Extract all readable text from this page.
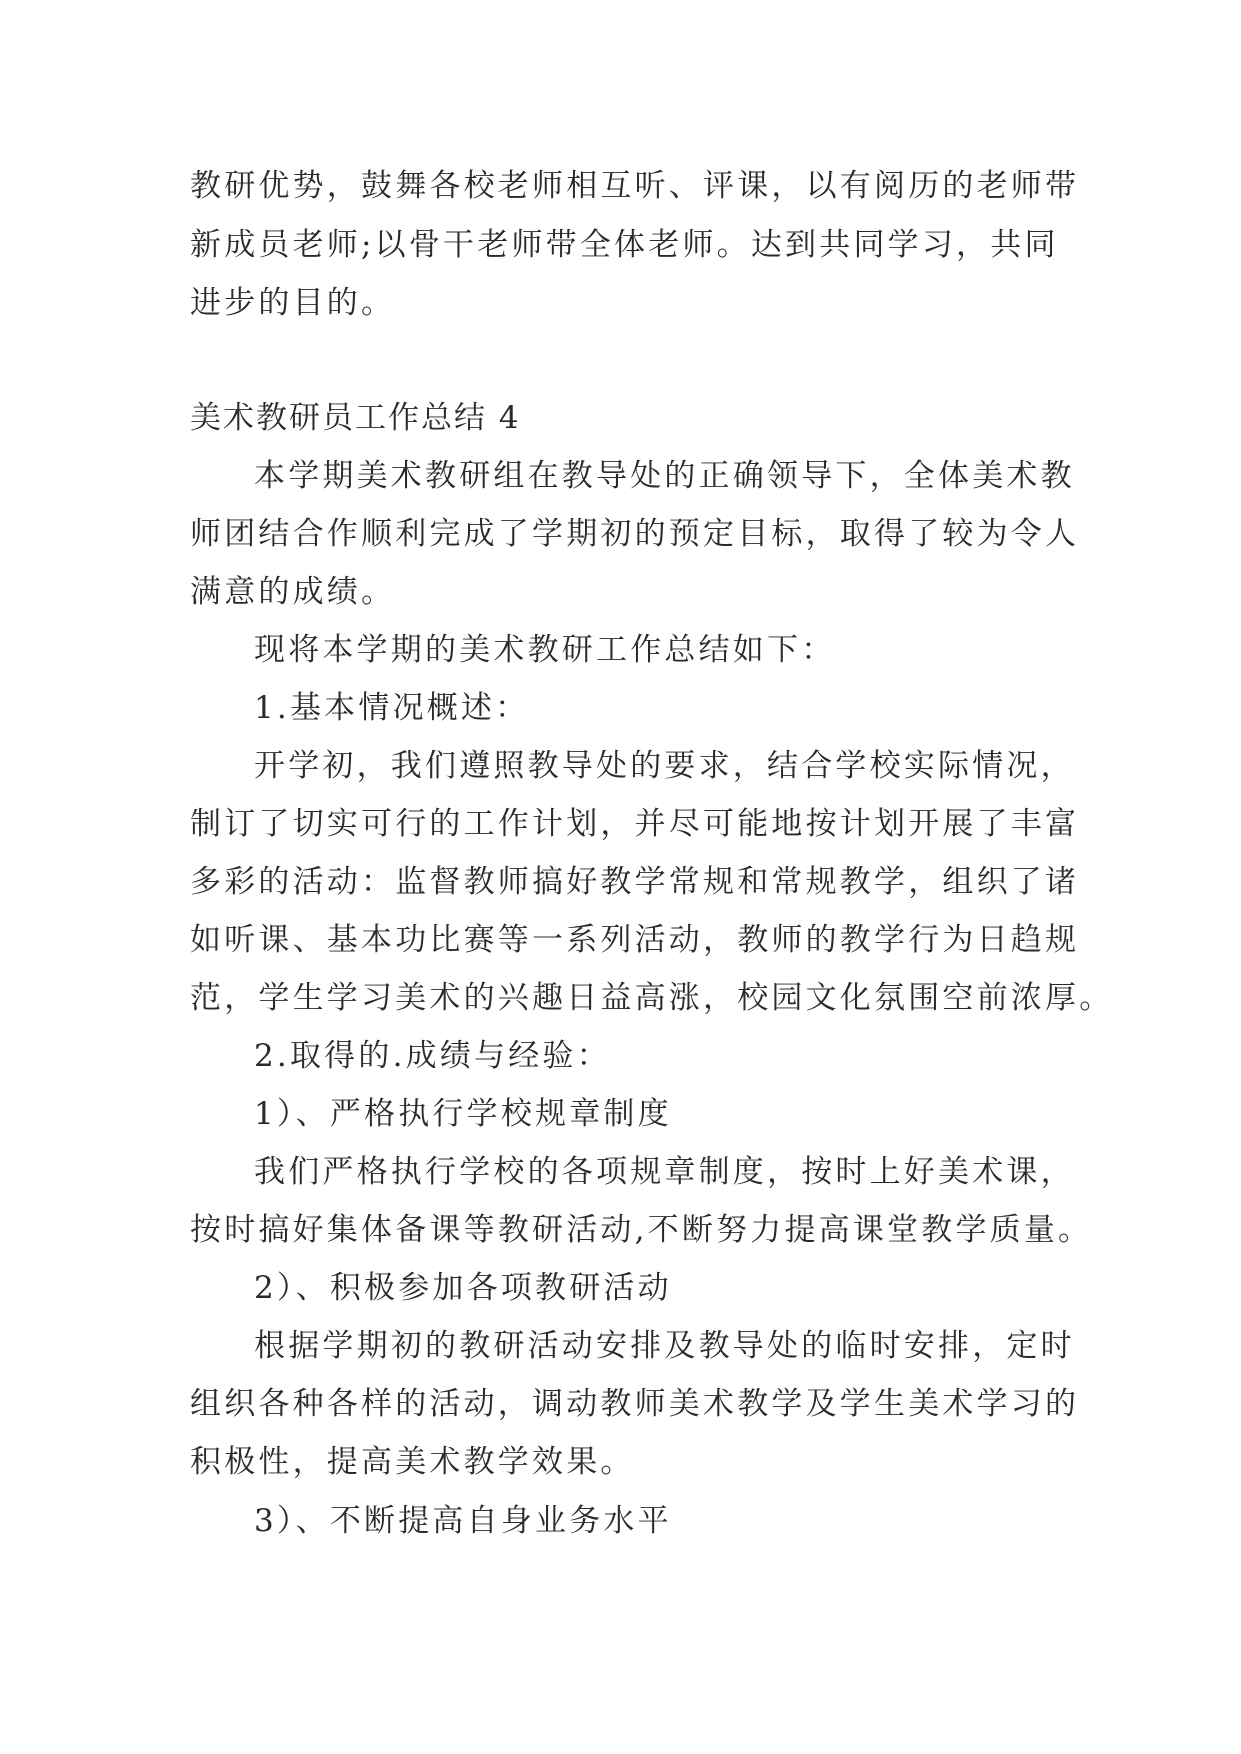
教研优势，鼓舞各校老师相互听、评课，以有阅历的老师带
新成员老师;以骨干老师带全体老师。达到共同学习，共同
进步的目的。
美术教研员工作总结 4
本学期美术教研组在教导处的正确领导下，全体美术教
师团结合作顺利完成了学期初的预定目标，取得了较为令人
满意的成绩。
现将本学期的美术教研工作总结如下：
1.基本情况概述：
开学初，我们遵照教导处的要求，结合学校实际情况，
制订了切实可行的工作计划，并尽可能地按计划开展了丰富
多彩的活动：监督教师搞好教学常规和常规教学，组织了诸
如听课、基本功比赛等一系列活动，教师的教学行为日趋规
范，学生学习美术的兴趣日益高涨，校园文化氛围空前浓厚。
2.取得的.成绩与经验：
1）、严格执行学校规章制度
我们严格执行学校的各项规章制度，按时上好美术课，
按时搞好集体备课等教研活动,不断努力提高课堂教学质量。
2）、积极参加各项教研活动
根据学期初的教研活动安排及教导处的临时安排，定时
组织各种各样的活动，调动教师美术教学及学生美术学习的
积极性，提高美术教学效果。
3）、不断提高自身业务水平
